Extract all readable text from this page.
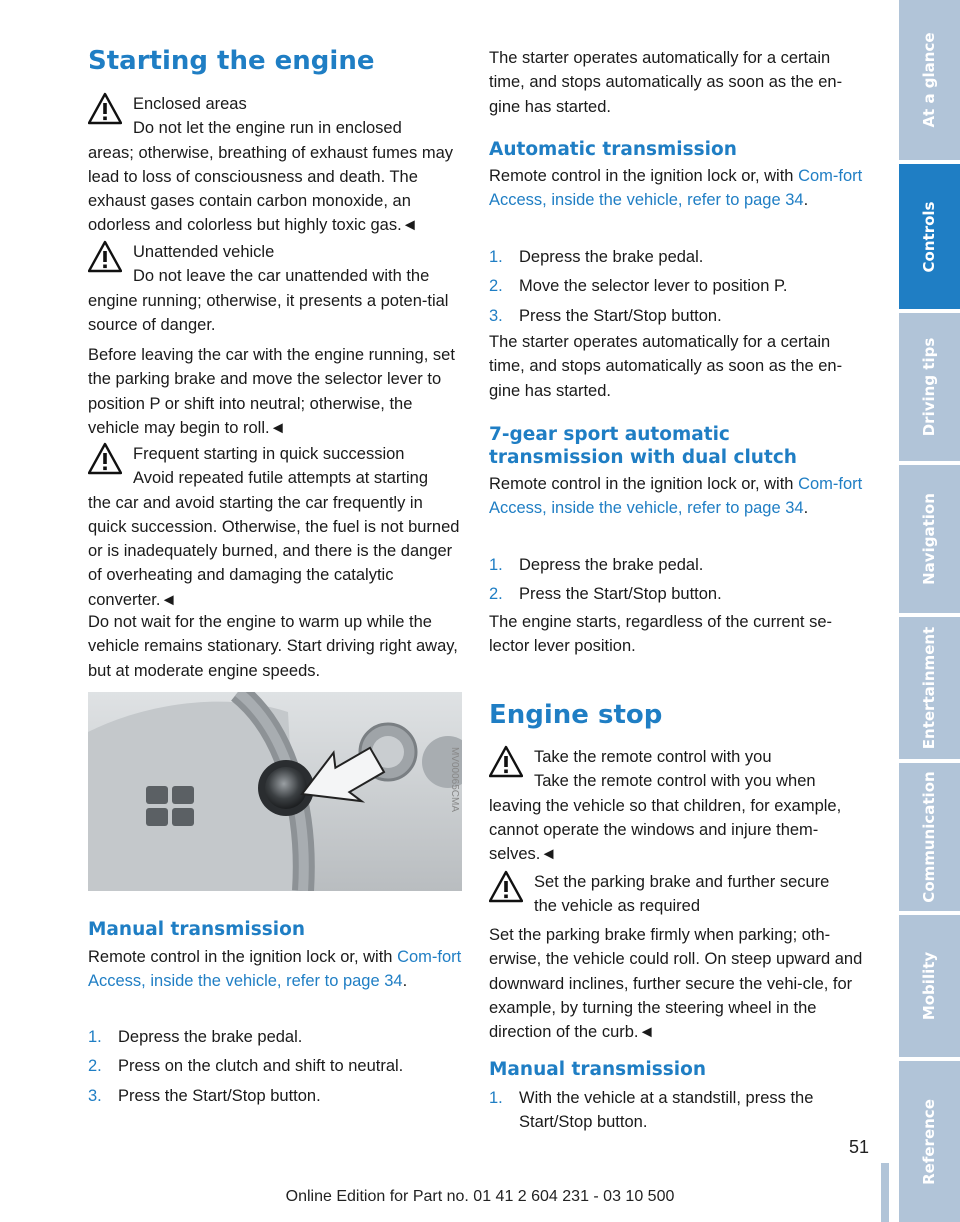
Starting the engine
Enclosed areas
Do not let the engine run in enclosed
areas; otherwise, breathing of exhaust fumes may lead to loss of consciousness and death. The exhaust gases contain carbon monoxide, an odorless and colorless but highly toxic gas.◄
Unattended vehicle
Do not leave the car unattended with the
engine running; otherwise, it presents a poten-tial source of danger.
Before leaving the car with the engine running, set the parking brake and move the selector lever to position P or shift into neutral; otherwise, the vehicle may begin to roll.◄
Frequent starting in quick succession
Avoid repeated futile attempts at starting
the car and avoid starting the car frequently in quick succession. Otherwise, the fuel is not burned or is inadequately burned, and there is the danger of overheating and damaging the catalytic converter.◄
Do not wait for the engine to warm up while the vehicle remains stationary. Start driving right away, but at moderate engine speeds.
Manual transmission
Remote control in the ignition lock or, with Com-fort Access, inside the vehicle, refer to page 34.
1. Depress the brake pedal.
2. Press on the clutch and shift to neutral.
3. Press the Start/Stop button.
MV00065CMA
The starter operates automatically for a certain time, and stops automatically as soon as the en-gine has started.
Automatic transmission
Remote control in the ignition lock or, with Com-fort Access, inside the vehicle, refer to page 34.
1. Depress the brake pedal.
2. Move the selector lever to position P.
3. Press the Start/Stop button.
The starter operates automatically for a certain time, and stops automatically as soon as the en-gine has started.
7-gear sport automatic transmission with dual clutch
Remote control in the ignition lock or, with Com-fort Access, inside the vehicle, refer to page 34.
1. Depress the brake pedal.
2. Press the Start/Stop button.
The engine starts, regardless of the current se-lector lever position.
Engine stop
Take the remote control with you
Take the remote control with you when
leaving the vehicle so that children, for example, cannot operate the windows and injure them-selves.◄
Set the parking brake and further secure
the vehicle as required
Set the parking brake firmly when parking; oth-erwise, the vehicle could roll. On steep upward and downward inclines, further secure the vehi-cle, for example, by turning the steering wheel in the direction of the curb.◄
Manual transmission
1. With the vehicle at a standstill, press the Start/Stop button.
At a glance
Controls
Driving tips
Navigation
Entertainment
Communication
Mobility
Reference
51
Online Edition for Part no. 01 41 2 604 231 - 03 10 500
